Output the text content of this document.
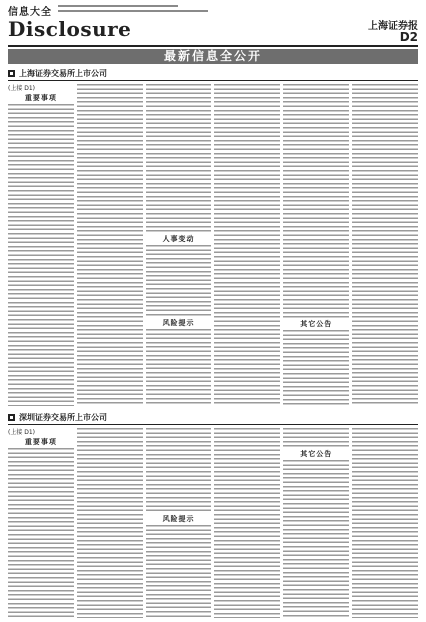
信息大全
Disclosure	上海证券报
D2
最新信息全公开
上海证券交易所上市公司
(上接 D1)
重要事项
人事变动
风险提示	其它公告
深圳证券交易所上市公司
(上接 D1)
重要事项
风险提示
其它公告
